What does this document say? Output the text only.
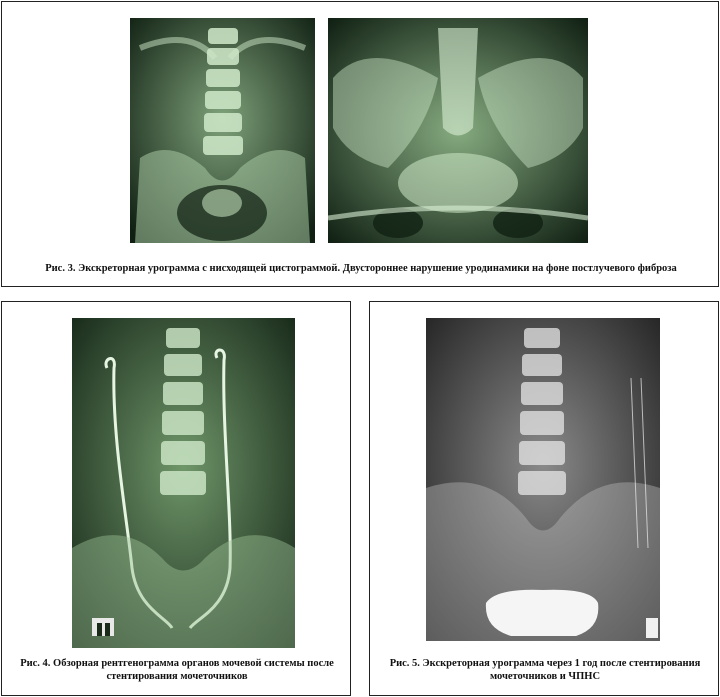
Рис. 3. Экскреторная урограмма с нисходящей цистограммой. Двустороннее нарушение уродинамики на фоне постлучевого фиброза
Рис. 4. Обзорная рентгенограмма органов мочевой системы после стентирования мочеточников
Рис. 5. Экскреторная урограмма через 1 год после стентирования мочеточников и ЧПНС
